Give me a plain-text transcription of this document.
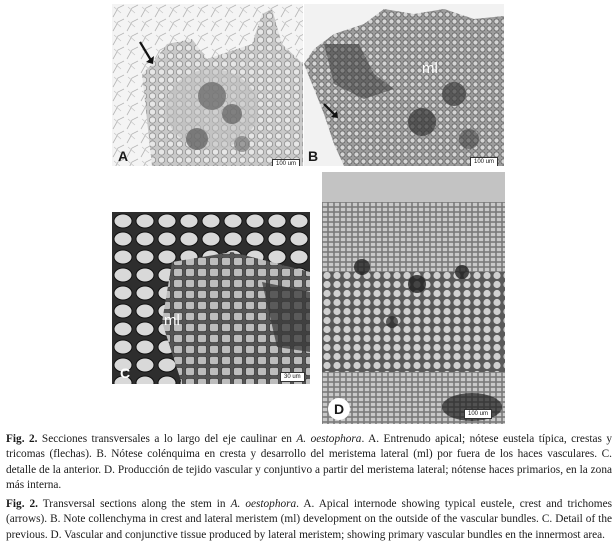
A	100 um
ml
B	100 um
ml
C	30 um
D	100 um
Fig. 2. Secciones transversales a lo largo del eje caulinar en A. oestophora. A. Entrenudo apical; nótese eustela típica, crestas y tricomas (flechas). B. Nótese colénquima en cresta y desarrollo del meristema lateral (ml) por fuera de los haces vasculares. C. detalle de la anterior. D. Producción de tejido vascular y conjuntivo a partir del meristema lateral; nótense haces primarios, en la zona más interna.
Fig. 2. Transversal sections along the stem in A. oestophora. A. Apical internode showing typical eustele, crest and trichomes (arrows). B. Note collenchyma in crest and lateral meristem (ml) development on the outside of the vascular bundles. C. Detail of the previous. D. Vascular and conjunctive tissue produced by lateral meristem; showing primary vascular bundles en the innermost area.
